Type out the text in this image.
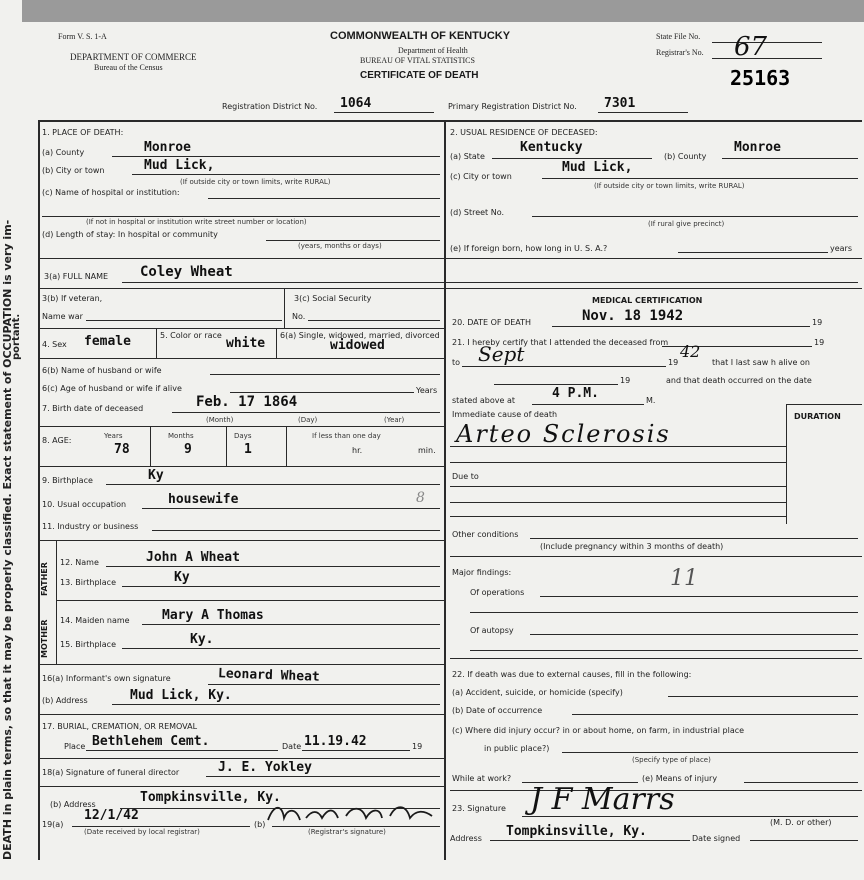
DEATH in plain terms, so that it may be properly classified. Exact statement of OCCUPATION is very im-
portant.
Form V. S. 1-A
DEPARTMENT OF COMMERCE
Bureau of the Census
COMMONWEALTH OF KENTUCKY
Department of Health
BUREAU OF VITAL STATISTICS
CERTIFICATE OF DEATH
State File No.
Registrar's No. 67
25163
Registration District No. 1064	Primary Registration District No. 7301
1. PLACE OF DEATH:
(a) County	Monroe
(b) City or town	Mud Lick,
(If outside city or town limits, write RURAL)
(c) Name of hospital or institution:
(If not in hospital or institution write street number or location)
(d) Length of stay: In hospital or community
(years, months or days)
2. USUAL RESIDENCE OF DECEASED:
(a) State
Kentucky
(b) County
Monroe
(c) City or town
Mud Lick,
(If outside city or town limits, write RURAL)
(d) Street No.
(If rural give precinct)
(e) If foreign born, how long in U. S. A.?	years
3(a) FULL NAME Coley Wheat
3(b) If veteran,	3(c) Social Security
Name war	No.
4. Sex female	5. Color or race
white
6(a) Single, widowed, married, divorced
widowed
6(b) Name of husband or wife
6(c) Age of husband or wife if alive	Years
7. Birth date of deceased	Feb. 17 1864
(Month)	(Day)	(Year)
8. AGE:	Years	Months	Days	If less than one day
78	9	1	hr.	min.
9. Birthplace	Ky
10. Usual occupation	housewife	8
11. Industry or business
FATHER
MOTHER
12. Name	John A Wheat
13. Birthplace	Ky
14. Maiden name Mary A Thomas
15. Birthplace	Ky.
16(a) Informant's own signature	Leonard Wheat
(b) Address	Mud Lick, Ky.
17. BURIAL, CREMATION, OR REMOVAL
Place Bethlehem Cemt.	Date 11.19.42	19
18(a) Signature of funeral director	J. E. Yokley
(b) Address	Tompkinsville, Ky.
19(a)
12/1/42
(Date received by local registrar)
(b)
(Registrar's signature)
MEDICAL CERTIFICATION
20. DATE OF DEATH	Nov. 18 1942	19
21. I hereby certify that I attended the deceased from	19
to Sept	19
42
that I last saw h alive on
19	and that death occurred on the date
stated above at	4 P.M.	M.
Immediate cause of death	DURATION
Arteo Sclerosis
Due to
Other conditions
(Include pregnancy within 3 months of death)
Major findings:	11
Of operations
Of autopsy
22. If death was due to external causes, fill in the following:
(a) Accident, suicide, or homicide (specify)
(b) Date of occurrence
(c) Where did injury occur? in or about home, on farm, in industrial place
in public place?)
(Specify type of place)
While at work?	(e) Means of injury
23. Signature J F Marrs
(M. D. or other)
Address Tompkinsville, Ky.	Date signed
